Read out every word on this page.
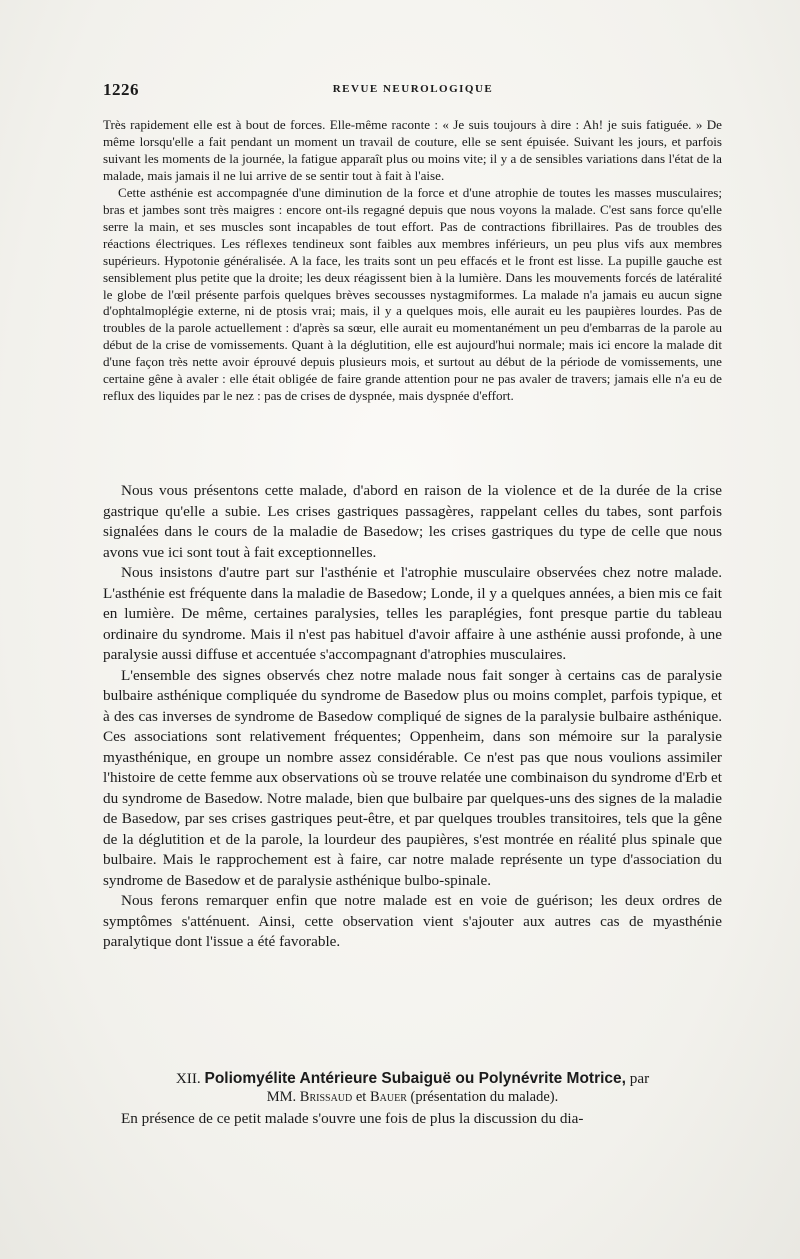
1226	REVUE NEUROLOGIQUE

Très rapidement elle est à bout de forces. Elle-même raconte : « Je suis toujours à dire : Ah! je suis fatiguée. » De même lorsqu'elle a fait pendant un moment un travail de couture, elle se sent épuisée. Suivant les jours, et parfois suivant les moments de la journée, la fatigue apparaît plus ou moins vite; il y a de sensibles variations dans l'état de la malade, mais jamais il ne lui arrive de se sentir tout à fait à l'aise.

Cette asthénie est accompagnée d'une diminution de la force et d'une atrophie de toutes les masses musculaires; bras et jambes sont très maigres : encore ont-ils regagné depuis que nous voyons la malade. C'est sans force qu'elle serre la main, et ses muscles sont incapables de tout effort. Pas de contractions fibrillaires. Pas de troubles des réactions électriques. Les réflexes tendineux sont faibles aux membres inférieurs, un peu plus vifs aux membres supérieurs. Hypotonie généralisée. A la face, les traits sont un peu effacés et le front est lisse. La pupille gauche est sensiblement plus petite que la droite; les deux réagissent bien à la lumière. Dans les mouvements forcés de latéralité le globe de l'œil présente parfois quelques brèves secousses nystagmiformes. La malade n'a jamais eu aucun signe d'ophtalmoplégie externe, ni de ptosis vrai; mais, il y a quelques mois, elle aurait eu les paupières lourdes. Pas de troubles de la parole actuellement : d'après sa sœur, elle aurait eu momentanément un peu d'embarras de la parole au début de la crise de vomissements. Quant à la déglutition, elle est aujourd'hui normale; mais ici encore la malade dit d'une façon très nette avoir éprouvé depuis plusieurs mois, et surtout au début de la période de vomissements, une certaine gêne à avaler : elle était obligée de faire grande attention pour ne pas avaler de travers; jamais elle n'a eu de reflux des liquides par le nez : pas de crises de dyspnée, mais dyspnée d'effort.

Nous vous présentons cette malade, d'abord en raison de la violence et de la durée de la crise gastrique qu'elle a subie. Les crises gastriques passagères, rappelant celles du tabes, sont parfois signalées dans le cours de la maladie de Basedow; les crises gastriques du type de celle que nous avons vue ici sont tout à fait exceptionnelles.

Nous insistons d'autre part sur l'asthénie et l'atrophie musculaire observées chez notre malade. L'asthénie est fréquente dans la maladie de Basedow; Londe, il y a quelques années, a bien mis ce fait en lumière. De même, certaines paralysies, telles les paraplégies, font presque partie du tableau ordinaire du syndrome. Mais il n'est pas habituel d'avoir affaire à une asthénie aussi profonde, à une paralysie aussi diffuse et accentuée s'accompagnant d'atrophies musculaires.

L'ensemble des signes observés chez notre malade nous fait songer à certains cas de paralysie bulbaire asthénique compliquée du syndrome de Basedow plus ou moins complet, parfois typique, et à des cas inverses de syndrome de Basedow compliqué de signes de la paralysie bulbaire asthénique. Ces associations sont relativement fréquentes; Oppenheim, dans son mémoire sur la paralysie myasthénique, en groupe un nombre assez considérable. Ce n'est pas que nous voulions assimiler l'histoire de cette femme aux observations où se trouve relatée une combinaison du syndrome d'Erb et du syndrome de Basedow. Notre malade, bien que bulbaire par quelques-uns des signes de la maladie de Basedow, par ses crises gastriques peut-être, et par quelques troubles transitoires, tels que la gêne de la déglutition et de la parole, la lourdeur des paupières, s'est montrée en réalité plus spinale que bulbaire. Mais le rapprochement est à faire, car notre malade représente un type d'association du syndrome de Basedow et de paralysie asthénique bulbo-spinale.

Nous ferons remarquer enfin que notre malade est en voie de guérison; les deux ordres de symptômes s'atténuent. Ainsi, cette observation vient s'ajouter aux autres cas de myasthénie paralytique dont l'issue a été favorable.

XII. Poliomyélite Antérieure Subaiguë ou Polynévrite Motrice, par
MM. Brissaud et Bauer (présentation du malade).

En présence de ce petit malade s'ouvre une fois de plus la discussion du dia-
